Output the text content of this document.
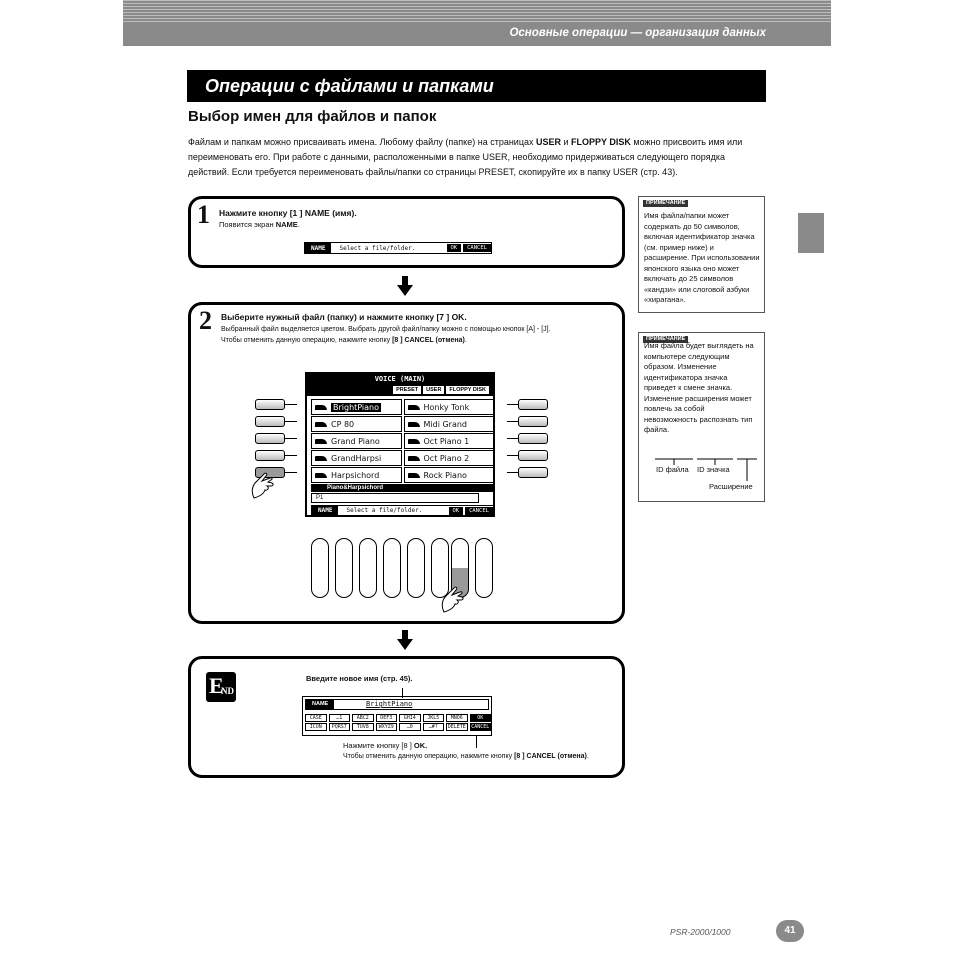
Основные операции — организация данных
Операции с файлами и папками
Выбор имен для файлов и папок
Файлам и папкам можно присваивать имена. Любому файлу (папке) на страницах USER и FLOPPY DISK можно присвоить имя или переименовать его. При работе с данными, расположенными в папке USER, необходимо придерживаться следующего порядка действий. Если требуется переименовать файлы/папки со страницы PRESET, скопируйте их в папку USER (стр. 43).
1 Нажмите кнопку [1 ] NAME (имя).
Появится экран NAME.
NAME	Select a file/folder.	OK	CANCEL
2 Выберите нужный файл (папку) и нажмите кнопку [7 ] OK.
Выбранный файл выделяется цветом. Выбрать другой файл/папку можно с помощью кнопок [A] - [J].
Чтобы отменить данную операцию, нажмите кнопку [8 ] CANCEL (отмена).
VOICE (MAIN)
PRESET	USER	FLOPPY DISK
BrightPiano	Honky Tonk
CP 80	Midi Grand
Grand Piano	Oct Piano 1
GrandHarpsi	Oct Piano 2
Harpsichord	Rock Piano
Piano&Harpsichord
P1
NAME	Select a file/folder.	OK	CANCEL
E
ND
Введите новое имя (стр. 45).
NAME	BrightPiano
CASE	…1	ABC2	DEF3	GHI4	JKL5	MNO6	OK
ICON	PQRS7	TUV8	WXYZ9	…0	…#?	DELETE	CANCEL
Нажмите кнопку [8 ] OK.
Чтобы отменить данную операцию, нажмите кнопку [8 ] CANCEL (отмена).
ПРИМЕЧАНИЕ
Имя файла/папки может
содержать до 50 символов,
включая идентификатор значка
(см. пример ниже) и
расширение. При использовании
японского языка оно может
включать до 25 символов
«кандзи» или слоговой азбуки
«хирагана».
ПРИМЕЧАНИЕ
Имя файла будет выглядеть на
компьютере следующим
образом. Изменение
идентификатора значка
приведет к смене значка.
Изменение расширения может
повлечь за собой
невозможность распознать тип
файла.
ID файла ID значка
Расширение
PSR-2000/1000	41
